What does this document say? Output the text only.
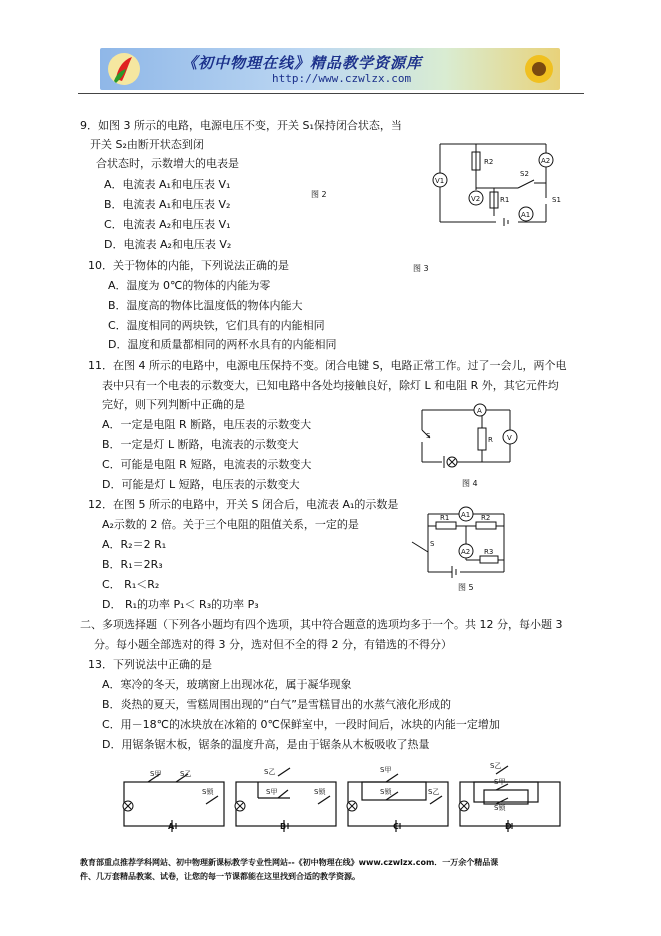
《初中物理在线》精品教学资源库
http://www.czwlzx.com
9．如图 3 所示的电路，电源电压不变，开关 S₁保持闭合状态，当
开关 S₂由断开状态到闭
合状态时，示数增大的电表是
A．电流表 A₁和电压表 V₁
B．电流表 A₁和电压表 V₂
C．电流表 A₂和电压表 V₁
D．电流表 A₂和电压表 V₂
图 2
V1
V2
A2
A1
R2
R1
S2
S1
图 3
10．关于物体的内能，下列说法正确的是
A．温度为 0℃的物体的内能为零
B．温度高的物体比温度低的物体内能大
C．温度相同的两块铁，它们具有的内能相同
D．温度和质量都相同的两杯水具有的内能相同
11．在图 4 所示的电路中，电源电压保持不变。闭合电键 S，电路正常工作。过了一会儿，两个电
表中只有一个电表的示数变大，已知电路中各处均接触良好，除灯 L 和电阻 R 外，其它元件均
完好，则下列判断中正确的是
A．一定是电阻 R 断路，电压表的示数变大
B．一定是灯 L 断路，电流表的示数变大
C．可能是电阻 R 短路，电流表的示数变大
D．可能是灯 L 短路，电压表的示数变大
A
V
S	R
图 4
12．在图 5 所示的电路中，开关 S 闭合后，电流表 A₁的示数是
A₂示数的 2 倍。关于三个电阻的阻值关系，一定的是
A．R₂＝2 R₁
B．R₁＝2R₃
C． R₁＜R₂
D． R₁的功率 P₁＜ R₃的功率 P₃
A1
A2
R1	R2
R3
S
图 5
二、多项选择题（下列各小题均有四个选项，其中符合题意的选项均多于一个。共 12 分，每小题 3
分。每小题全部选对的得 3 分，选对但不全的得 2 分，有错选的不得分）
13．下列说法中正确的是
A．寒冷的冬天，玻璃窗上出现冰花，属于凝华现象
B．炎热的夏天，雪糕周围出现的“白气”是雪糕冒出的水蒸气液化形成的
C．用－18℃的冰块放在冰箱的 0℃保鲜室中，一段时间后，冰块的内能一定增加
D．用锯条锯木板，锯条的温度升高，是由于锯条从木板吸收了热量
S甲	S乙
S锁
S乙
S甲	S锁
S甲
S锁	S乙
S乙
S甲
S锁
A	B	C	D
教育部重点推荐学科网站、初中物理新课标教学专业性网站--《初中物理在线》www.czwlzx.com．一万余个精品课
件、几万套精品教案、试卷，让您的每一节课都能在这里找到合适的教学资源。
